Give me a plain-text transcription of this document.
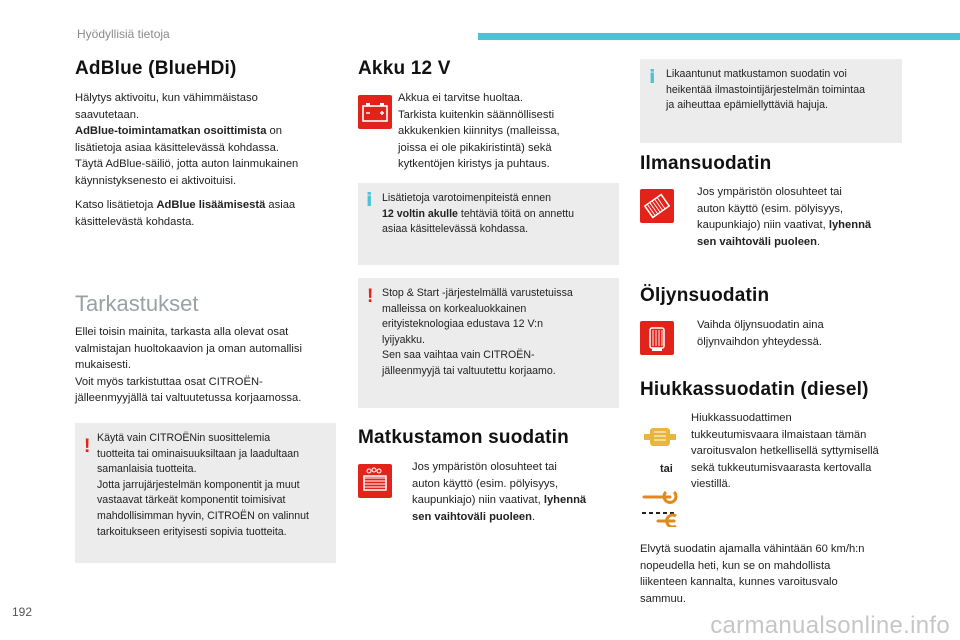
Hyödyllisiä tietoja
AdBlue (BlueHDi)
Hälytys aktivoitu, kun vähimmäistaso
saavutetaan.
AdBlue-toimintamatkan osoittimista on
lisätietoja asiaa käsittelevässä kohdassa.
Täytä AdBlue-säiliö, jotta auton lainmukainen
käynnistyksenesto ei aktivoituisi.
Katso lisätietoja AdBlue lisäämisestä asiaa
käsittelevästä kohdasta.
Tarkastukset
Ellei toisin mainita, tarkasta alla olevat osat
valmistajan huoltokaavion ja oman automallisi
mukaisesti.
Voit myös tarkistuttaa osat CITROËN-
jälleenmyyjällä tai valtuutetussa korjaamossa.
! Käytä vain CITROËNin suosittelemia
tuotteita tai ominaisuuksiltaan ja laadultaan
samanlaisia tuotteita.
Jotta jarrujärjestelmän komponentit ja muut
vastaavat tärkeät komponentit toimisivat
mahdollisimman hyvin, CITROËN on valinnut
tarkoitukseen erityisesti sopivia tuotteita.
Akku 12 V
Akkua ei tarvitse huoltaa.
Tarkista kuitenkin säännöllisesti
akkukenkien kiinnitys (malleissa,
joissa ei ole pikakiristintä) sekä
kytkentöjen kiristys ja puhtaus.
i Lisätietoja varotoimenpiteistä ennen
12 voltin akulle tehtäviä töitä on annettu
asiaa käsittelevässä kohdassa.
! Stop & Start -järjestelmällä varustetuissa
malleissa on korkealuokkainen
erityisteknologiaa edustava 12 V:n
lyijyakku.
Sen saa vaihtaa vain CITROËN-
jälleenmyyjä tai valtuutettu korjaamo.
Matkustamon suodatin
Jos ympäristön olosuhteet tai
auton käyttö (esim. pölyisyys,
kaupunkiajo) niin vaativat, lyhennä
sen vaihtoväli puoleen.
i Likaantunut matkustamon suodatin voi
heikentää ilmastointijärjestelmän toimintaa
ja aiheuttaa epämiellyttäviä hajuja.
Ilmansuodatin
Jos ympäristön olosuhteet tai
auton käyttö (esim. pölyisyys,
kaupunkiajo) niin vaativat, lyhennä
sen vaihtoväli puoleen.
Öljynsuodatin
Vaihda öljynsuodatin aina
öljynvaihdon yhteydessä.
Hiukkassuodatin (diesel)
tai
Hiukkassuodattimen
tukkeutumisvaara ilmaistaan tämän
varoitusvalon hetkellisellä syttymisellä
sekä tukkeutumisvaarasta kertovalla
viestillä.
Elvytä suodatin ajamalla vähintään 60 km/h:n
nopeudella heti, kun se on mahdollista
liikenteen kannalta, kunnes varoitusvalo
sammuu.
192	carmanualsonline.info
